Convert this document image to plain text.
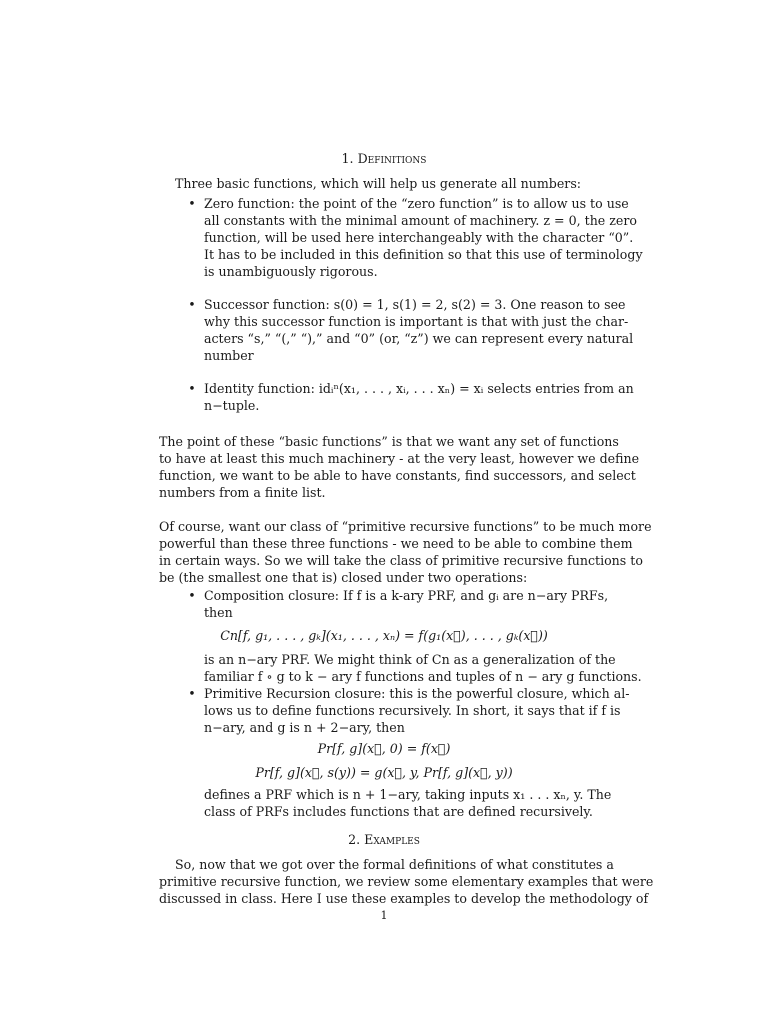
1. Definitions
Three basic functions, which will help us generate all numbers:
• Zero function: the point of the “zero function” is to allow us to use
all constants with the minimal amount of machinery. z = 0, the zero
function, will be used here interchangeably with the character “0”.
It has to be included in this definition so that this use of terminology
is unambiguously rigorous.
• Successor function: s(0) = 1, s(1) = 2, s(2) = 3. One reason to see
why this successor function is important is that with just the char-
acters “s,” “(,” “),” and “0” (or, “z”) we can represent every natural
number
• Identity function: idᵢⁿ(x₁, . . . , xᵢ, . . . xₙ) = xᵢ selects entries from an
n−tuple.
The point of these “basic functions” is that we want any set of functions
to have at least this much machinery - at the very least, however we define
function, we want to be able to have constants, find successors, and select
numbers from a finite list.
Of course, want our class of “primitive recursive functions” to be much more
powerful than these three functions - we need to be able to combine them
in certain ways. So we will take the class of primitive recursive functions to
be (the smallest one that is) closed under two operations:
• Composition closure: If f is a k-ary PRF, and gᵢ are n−ary PRFs,
then
Cn[f, g₁, . . . , gₖ](x₁, . . . , xₙ) = f(g₁(x⃗), . . . , gₖ(x⃗))
is an n−ary PRF. We might think of Cn as a generalization of the
familiar f ∘ g to k − ary f functions and tuples of n − ary g functions.
• Primitive Recursion closure: this is the powerful closure, which al-
lows us to define functions recursively. In short, it says that if f is
n−ary, and g is n + 2−ary, then
Pr[f, g](x⃗, 0) = f(x⃗)
Pr[f, g](x⃗, s(y)) = g(x⃗, y, Pr[f, g](x⃗, y))
defines a PRF which is n + 1−ary, taking inputs x₁ . . . xₙ, y. The
class of PRFs includes functions that are defined recursively.
2. Examples
So, now that we got over the formal definitions of what constitutes a
primitive recursive function, we review some elementary examples that were
discussed in class. Here I use these examples to develop the methodology of
1
